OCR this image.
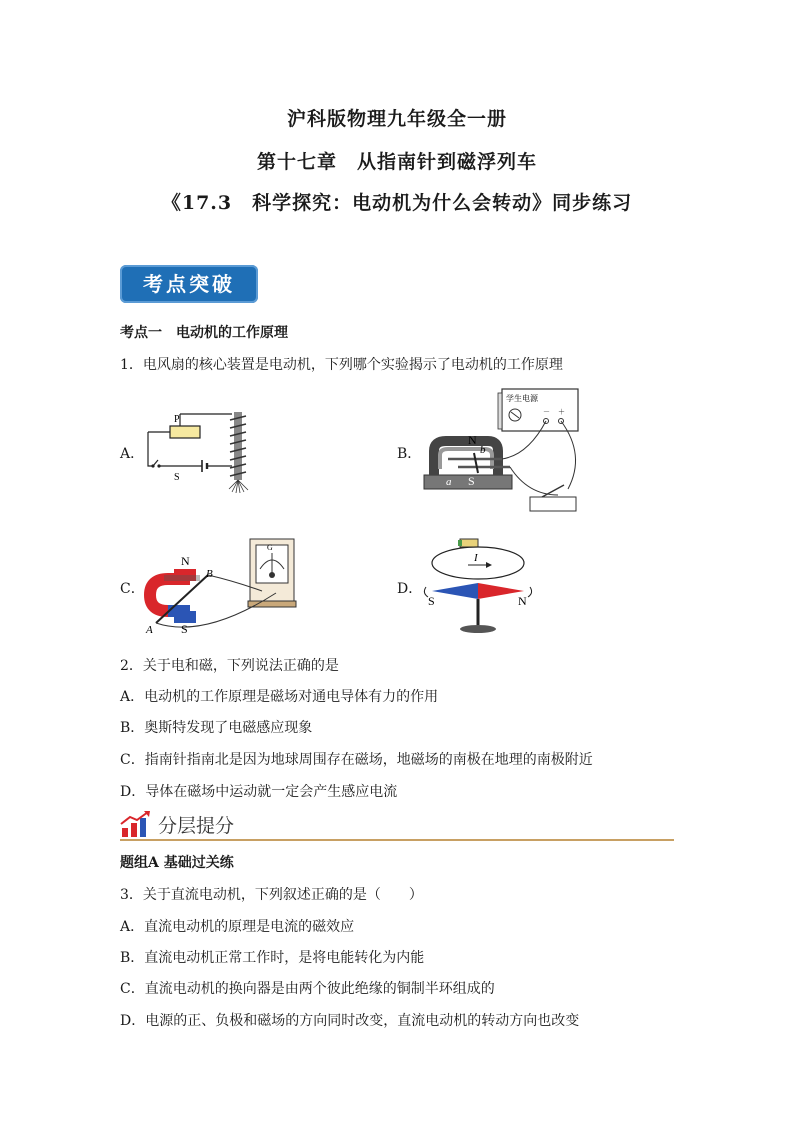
沪科版物理九年级全一册
第十七章　从指南针到磁浮列车
《17.3　科学探究：电动机为什么会转动》同步练习
考点突破
考点一　电动机的工作原理
1．电风扇的核心装置是电动机，下列哪个实验揭示了电动机的工作原理
A．	B．
C．	D．
P
S
学生电源
－ ＋
N
S
a
b
G
N
S
A
B
I
S	N
2．关于电和磁，下列说法正确的是
A．电动机的工作原理是磁场对通电导体有力的作用
B．奥斯特发现了电磁感应现象
C．指南针指南北是因为地球周围存在磁场，地磁场的南极在地理的南极附近
D．导体在磁场中运动就一定会产生感应电流
分层提分
题组A 基础过关练
3．关于直流电动机，下列叙述正确的是（　　）
A．直流电动机的原理是电流的磁效应
B．直流电动机正常工作时，是将电能转化为内能
C．直流电动机的换向器是由两个彼此绝缘的铜制半环组成的
D．电源的正、负极和磁场的方向同时改变，直流电动机的转动方向也改变
